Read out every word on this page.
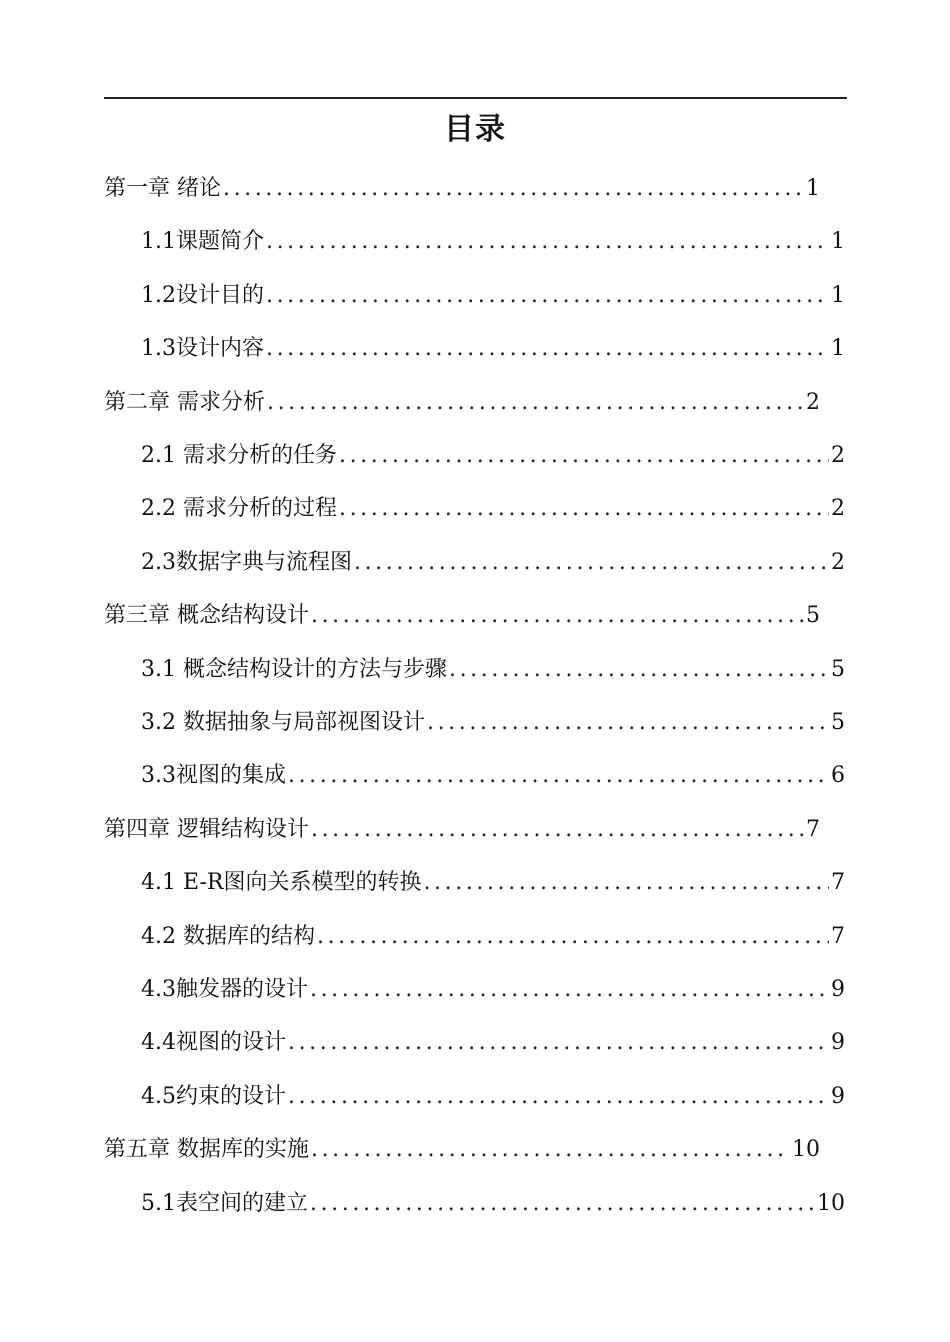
目录
第一章 绪论 .....	1
1.1课题简介 .....	1
1.2设计目的 .....	1
1.3设计内容 .....	1
第二章 需求分析 .....	2
2.1 需求分析的任务 .....	2
2.2 需求分析的过程 .....	2
2.3数据字典与流程图 .....	2
第三章 概念结构设计 .....	5
3.1 概念结构设计的方法与步骤 .....	5
3.2 数据抽象与局部视图设计 .....	5
3.3视图的集成 .....	6
第四章 逻辑结构设计 .....	7
4.1 E-R图向关系模型的转换 .....	7
4.2 数据库的结构 .....	7
4.3触发器的设计 .....	9
4.4视图的设计 .....	9
4.5约束的设计 .....	9
第五章 数据库的实施 .....	10
5.1表空间的建立 .....	10
